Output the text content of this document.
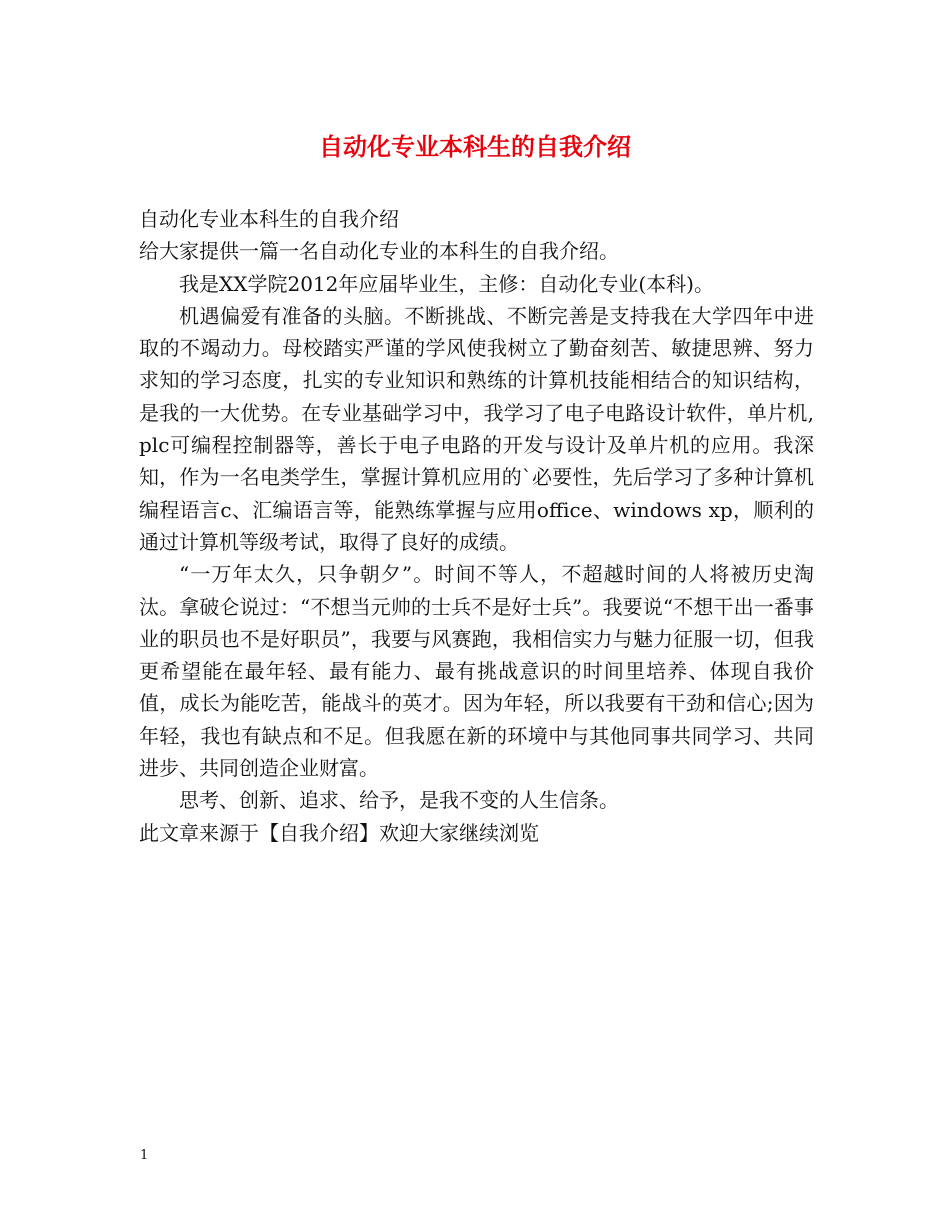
自动化专业本科生的自我介绍

自动化专业本科生的自我介绍

给大家提供一篇一名自动化专业的本科生的自我介绍。

我是XX学院2012年应届毕业生，主修：自动化专业(本科)。

机遇偏爱有准备的头脑。不断挑战、不断完善是支持我在大学四年中进取的不竭动力。母校踏实严谨的学风使我树立了勤奋刻苦、敏捷思辨、努力求知的学习态度，扎实的专业知识和熟练的计算机技能相结合的知识结构，是我的一大优势。在专业基础学习中，我学习了电子电路设计软件，单片机,plc可编程控制器等，善长于电子电路的开发与设计及单片机的应用。我深知，作为一名电类学生，掌握计算机应用的`必要性，先后学习了多种计算机编程语言c、汇编语言等，能熟练掌握与应用office、windows xp，顺利的通过计算机等级考试，取得了良好的成绩。

“一万年太久，只争朝夕”。时间不等人，不超越时间的人将被历史淘汰。拿破仑说过：“不想当元帅的士兵不是好士兵”。我要说“不想干出一番事业的职员也不是好职员”，我要与风赛跑，我相信实力与魅力征服一切，但我更希望能在最年轻、最有能力、最有挑战意识的时间里培养、体现自我价值，成长为能吃苦，能战斗的英才。因为年轻，所以我要有干劲和信心;因为年轻，我也有缺点和不足。但我愿在新的环境中与其他同事共同学习、共同进步、共同创造企业财富。

思考、创新、追求、给予，是我不变的人生信条。

此文章来源于【自我介绍】欢迎大家继续浏览

1
